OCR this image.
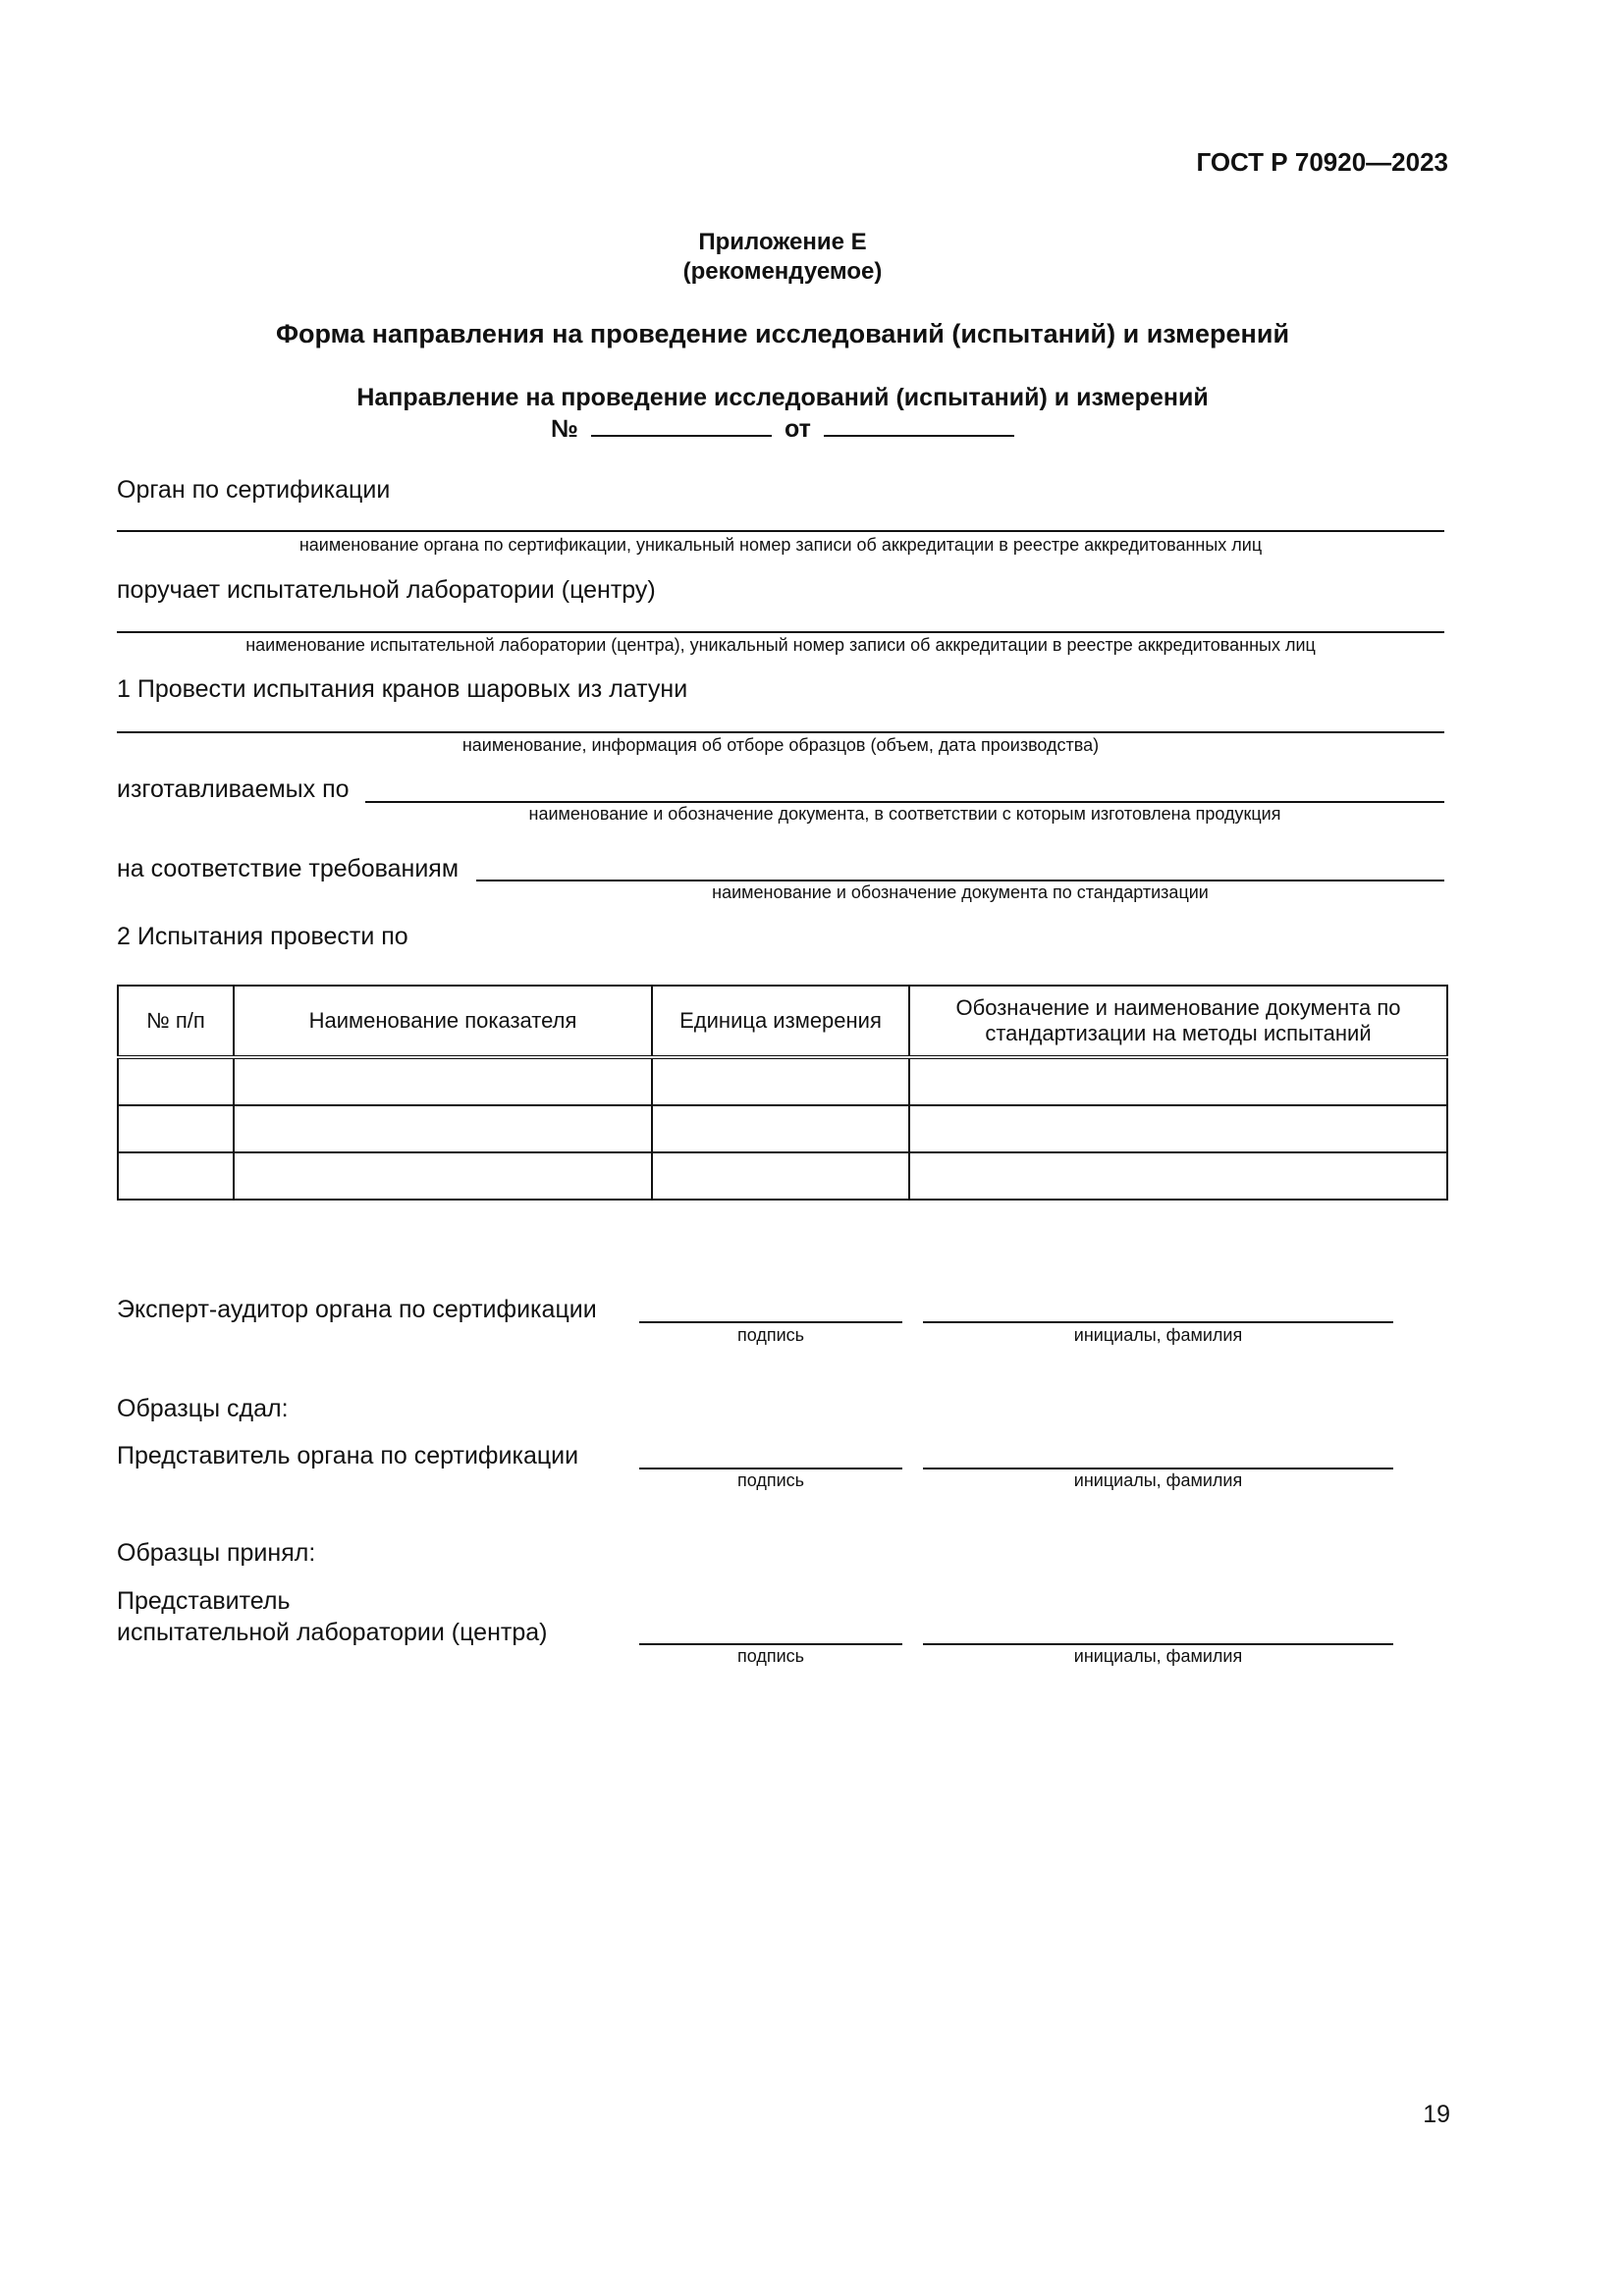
ГОСТ Р 70920—2023
Приложение Е
(рекомендуемое)
Форма направления на проведение исследований (испытаний) и измерений
Направление на проведение исследований (испытаний) и измерений
№	от
Орган по сертификации
наименование органа по сертификации, уникальный номер записи об аккредитации в реестре аккредитованных лиц
поручает испытательной лаборатории (центру)
наименование испытательной лаборатории (центра), уникальный номер записи об аккредитации в реестре аккредитованных лиц
1 Провести испытания кранов шаровых из латуни
наименование, информация об отборе образцов (объем, дата производства)
изготавливаемых по
наименование и обозначение документа, в соответствии с которым изготовлена продукция
на соответствие требованиям
наименование и обозначение документа по стандартизации
2 Испытания провести по
№ п/п	Наименование показателя	Единица измерения	Обозначение и наименование документа по стандартизации на методы испытаний

Эксперт-аудитор органа по сертификации
подпись	инициалы, фамилия
Образцы сдал:
Представитель органа по сертификации
подпись	инициалы, фамилия
Образцы принял:
Представитель
испытательной лаборатории (центра)
подпись	инициалы, фамилия
19
